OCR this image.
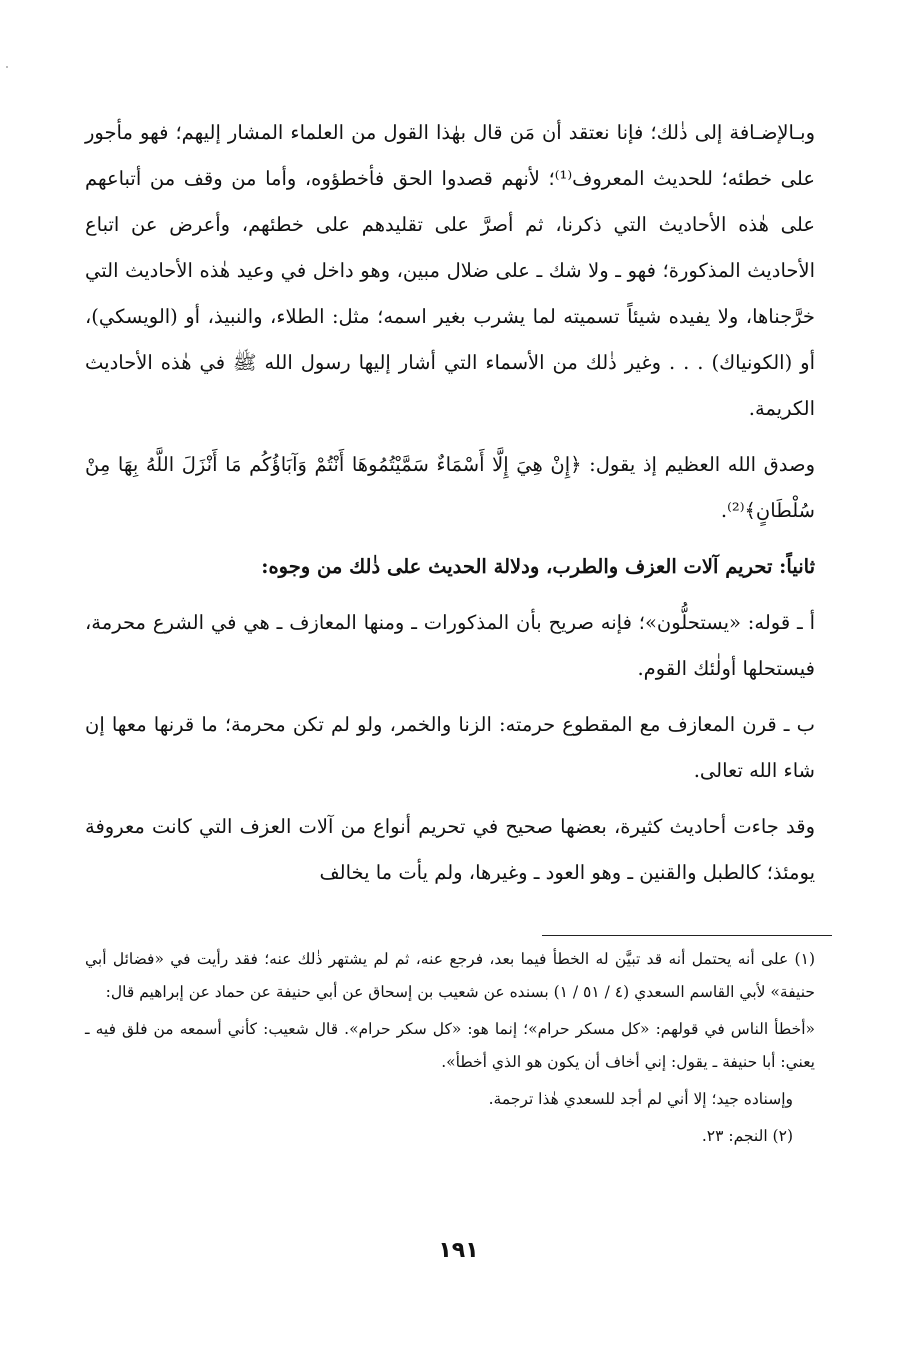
وبـالإضـافة إلى ذٰلك؛ فإنا نعتقد أن مَن قال بهٰذا القول من العلماء المشار إليهم؛ فهو مأجور على خطئه؛ للحديث المعروف⁽¹⁾؛ لأنهم قصدوا الحق فأخطؤوه، وأما من وقف من أتباعهم على هٰذه الأحاديث التي ذكرنا، ثم أصرَّ على تقليدهم على خطئهم، وأعرض عن اتباع الأحاديث المذكورة؛ فهو ـ ولا شك ـ على ضلال مبين، وهو داخل في وعيد هٰذه الأحاديث التي خرَّجناها، ولا يفيده شيئاً تسميته لما يشرب بغير اسمه؛ مثل: الطلاء، والنبيذ، أو (الويسكي)، أو (الكونياك) . . . وغير ذٰلك من الأسماء التي أشار إليها رسول الله ﷺ في هٰذه الأحاديث الكريمة.

وصدق الله العظيم إذ يقول: ﴿إِنْ هِيَ إِلَّا أَسْمَاءٌ سَمَّيْتُمُوهَا أَنْتُمْ وَآبَاؤُكُم مَا أَنْزَلَ اللَّهُ بِهَا مِنْ سُلْطَانٍ﴾⁽²⁾.

ثانياً: تحريم آلات العزف والطرب، ودلالة الحديث على ذٰلك من وجوه:

أ ـ قوله: «يستحلُّون»؛ فإنه صريح بأن المذكورات ـ ومنها المعازف ـ هي في الشرع محرمة، فيستحلها أولٰئك القوم.

ب ـ قرن المعازف مع المقطوع حرمته: الزنا والخمر، ولو لم تكن محرمة؛ ما قرنها معها إن شاء الله تعالى.

وقد جاءت أحاديث كثيرة، بعضها صحيح في تحريم أنواع من آلات العزف التي كانت معروفة يومئذ؛ كالطبل والقنين ـ وهو العود ـ وغيرها، ولم يأت ما يخالف

(١) على أنه يحتمل أنه قد تبيَّن له الخطأ فيما بعد، فرجع عنه، ثم لم يشتهر ذٰلك عنه؛ فقد رأيت في «فضائل أبي حنيفة» لأبي القاسم السعدي (٤ / ٥١ / ١) بسنده عن شعيب بن إسحاق عن أبي حنيفة عن حماد عن إبراهيم قال:

«أخطأ الناس في قولهم: «كل مسكر حرام»؛ إنما هو: «كل سكر حرام». قال شعيب: كأني أسمعه من فلق فيه ـ يعني: أبا حنيفة ـ يقول: إني أخاف أن يكون هو الذي أخطأ».

وإسناده جيد؛ إلا أني لم أجد للسعدي هٰذا ترجمة.

(٢) النجم: ٢٣.

١٩١
